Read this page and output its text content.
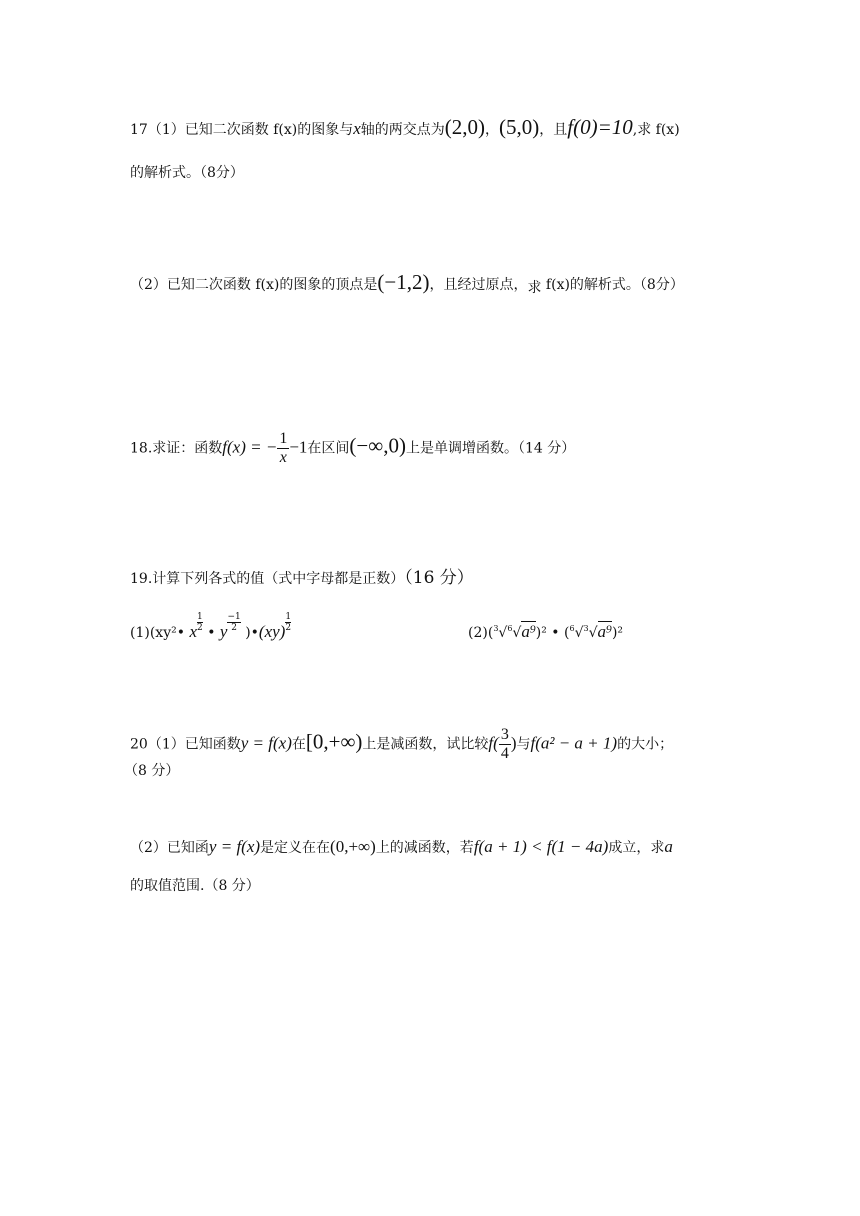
17（1）已知二次函数 f(x)的图象与x轴的两交点为(2,0)，(5,0)，且f(0)=10,求 f(x)
的解析式。（8分）
（2）已知二次函数 f(x)的图象的顶点是(−1,2)，且经过原点，求 f(x)的解析式。（8分）
18.求证：函数f(x) = − $\frac{1}{x} -1$在区间(−∞,0)上是单调增函数。（14 分）
19.计算下列各式的值（式中字母都是正数）（16 分）
(1)(xy²• x $\frac{1}{2}$ • y $\frac{-1}{2}$ )•(xy) $\frac{1}{2}$	(2)($^3$√$^6$√a⁹)² • ($^6$√$^3$√a⁹)²
20（1）已知函数y = f(x)在[0,+∞)上是减函数，试比较$f( \frac{3}{4}$ )与f(a² − a + 1)的大小；
（8 分）
（2）已知函y = f(x)是定义在在(0,+∞)上的减函数，若f(a + 1) < f(1 − 4a)成立，求a
的取值范围.（8 分）
